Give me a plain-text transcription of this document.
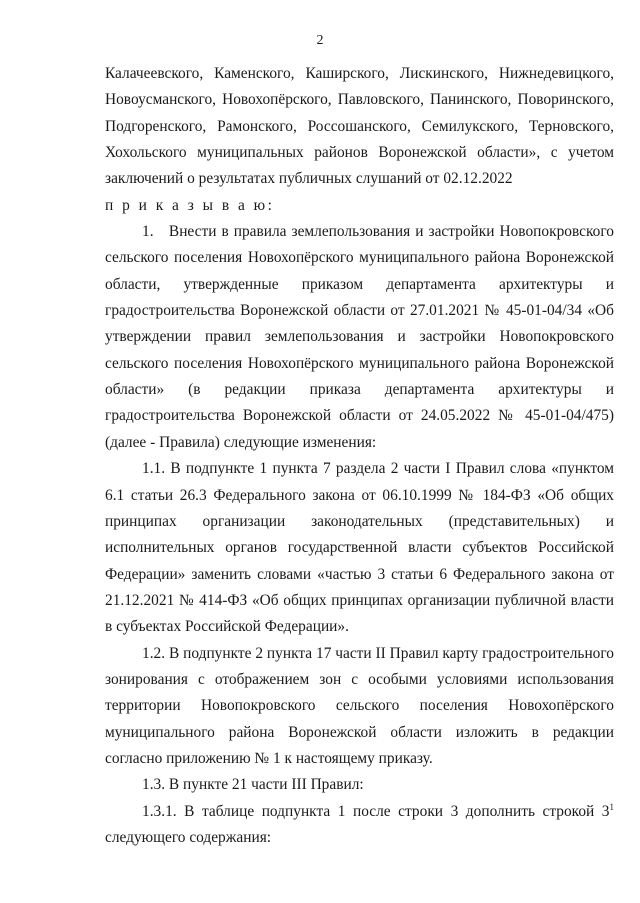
2

Калачеевского, Каменского, Каширского, Лискинского, Нижнедевицкого, Новоусманского, Новохопёрского, Павловского, Панинского, Поворинского, Подгоренского, Рамонского, Россошанского, Семилукского, Терновского, Хохольского муниципальных районов Воронежской области», с учетом заключений о результатах публичных слушаний от 02.12.2022

п р и к а з ы в а ю:

1. Внести в правила землепользования и застройки Новопокровского сельского поселения Новохопёрского муниципального района Воронежской области, утвержденные приказом департамента архитектуры и градостроительства Воронежской области от 27.01.2021 № 45-01-04/34 «Об утверждении правил землепользования и застройки Новопокровского сельского поселения Новохопёрского муниципального района Воронежской области» (в редакции приказа департамента архитектуры и градостроительства Воронежской области от 24.05.2022 № 45-01-04/475) (далее - Правила) следующие изменения:

1.1. В подпункте 1 пункта 7 раздела 2 части I Правил слова «пунктом 6.1 статьи 26.3 Федерального закона от 06.10.1999 № 184-ФЗ «Об общих принципах организации законодательных (представительных) и исполнительных органов государственной власти субъектов Российской Федерации» заменить словами «частью 3 статьи 6 Федерального закона от 21.12.2021 № 414-ФЗ «Об общих принципах организации публичной власти в субъектах Российской Федерации».

1.2. В подпункте 2 пункта 17 части II Правил карту градостроительного зонирования с отображением зон с особыми условиями использования территории Новопокровского сельского поселения Новохопёрского муниципального района Воронежской области изложить в редакции согласно приложению № 1 к настоящему приказу.

1.3. В пункте 21 части III Правил:

1.3.1. В таблице подпункта 1 после строки 3 дополнить строкой $3^1$ следующего содержания:
